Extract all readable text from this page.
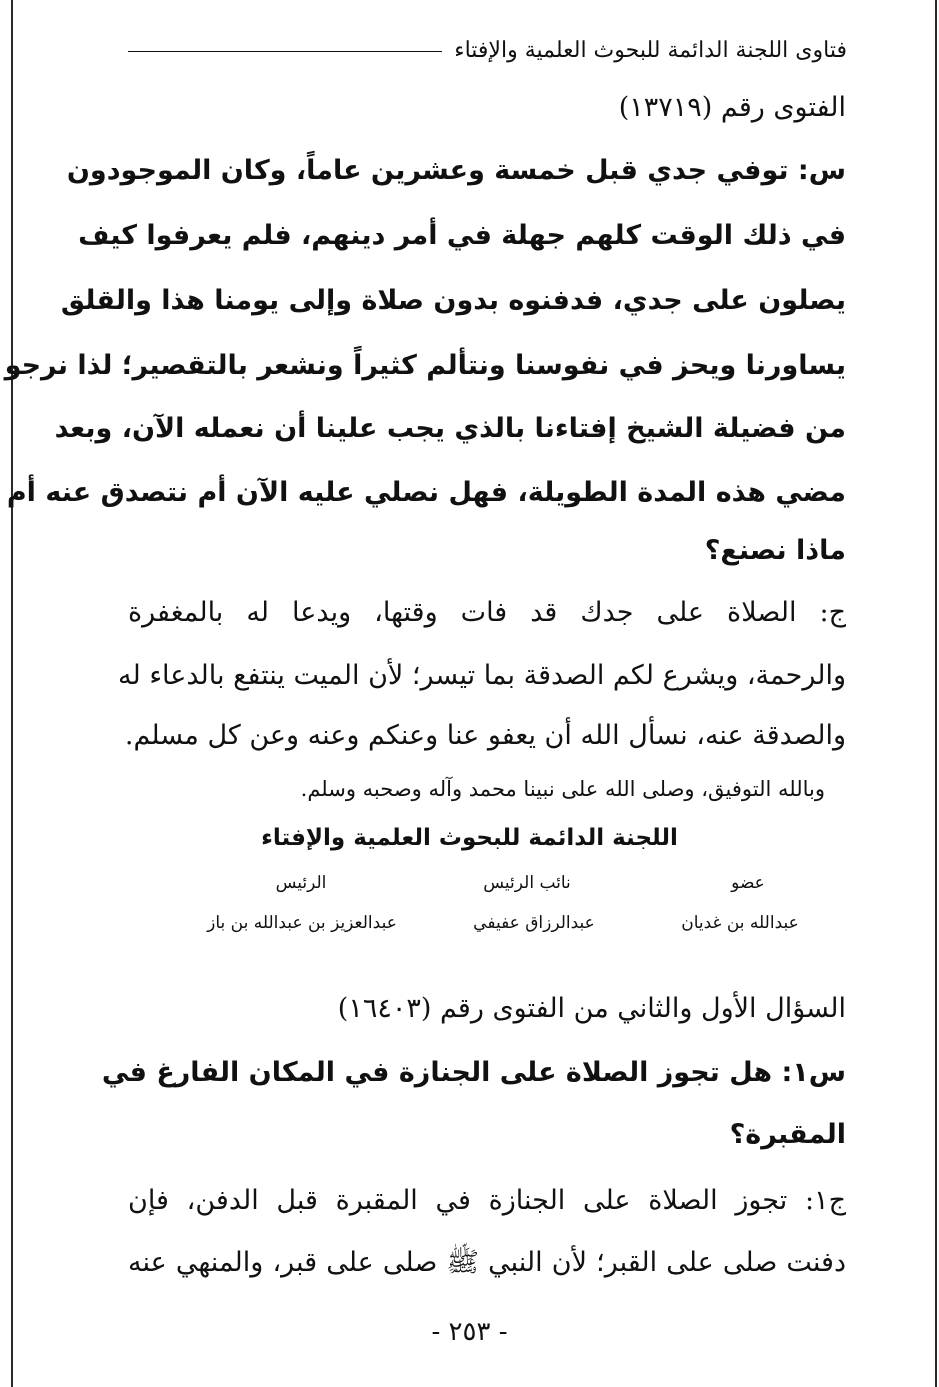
فتاوى اللجنة الدائمة للبحوث العلمية والإفتاء
الفتوى رقم (١٣٧١٩)
س: توفي جدي قبل خمسة وعشرين عاماً، وكان الموجودون
في ذلك الوقت كلهم جهلة في أمر دينهم، فلم يعرفوا كيف
يصلون على جدي، فدفنوه بدون صلاة وإلى يومنا هذا والقلق
يساورنا ويحز في نفوسنا ونتألم كثيراً ونشعر بالتقصير؛ لذا نرجو
من فضيلة الشيخ إفتاءنا بالذي يجب علينا أن نعمله الآن، وبعد
مضي هذه المدة الطويلة، فهل نصلي عليه الآن أم نتصدق عنه أم
ماذا نصنع؟
ج: الصلاة على جدك قد فات وقتها، ويدعا له بالمغفرة
والرحمة، ويشرع لكم الصدقة بما تيسر؛ لأن الميت ينتفع بالدعاء له
والصدقة عنه، نسأل الله أن يعفو عنا وعنكم وعنه وعن كل مسلم.
وبالله التوفيق، وصلى الله على نبينا محمد وآله وصحبه وسلم.
اللجنة الدائمة للبحوث العلمية والإفتاء
عضو
نائب الرئيس
الرئيس
عبدالله بن غديان
عبدالرزاق عفيفي
عبدالعزيز بن عبدالله بن باز
السؤال الأول والثاني من الفتوى رقم (١٦٤٠٣)
س١: هل تجوز الصلاة على الجنازة في المكان الفارغ في
المقبرة؟
ج١: تجوز الصلاة على الجنازة في المقبرة قبل الدفن، فإن
دفنت صلى على القبر؛ لأن النبي ﷺ صلى على قبر، والمنهي عنه
- ٢٥٣ -
